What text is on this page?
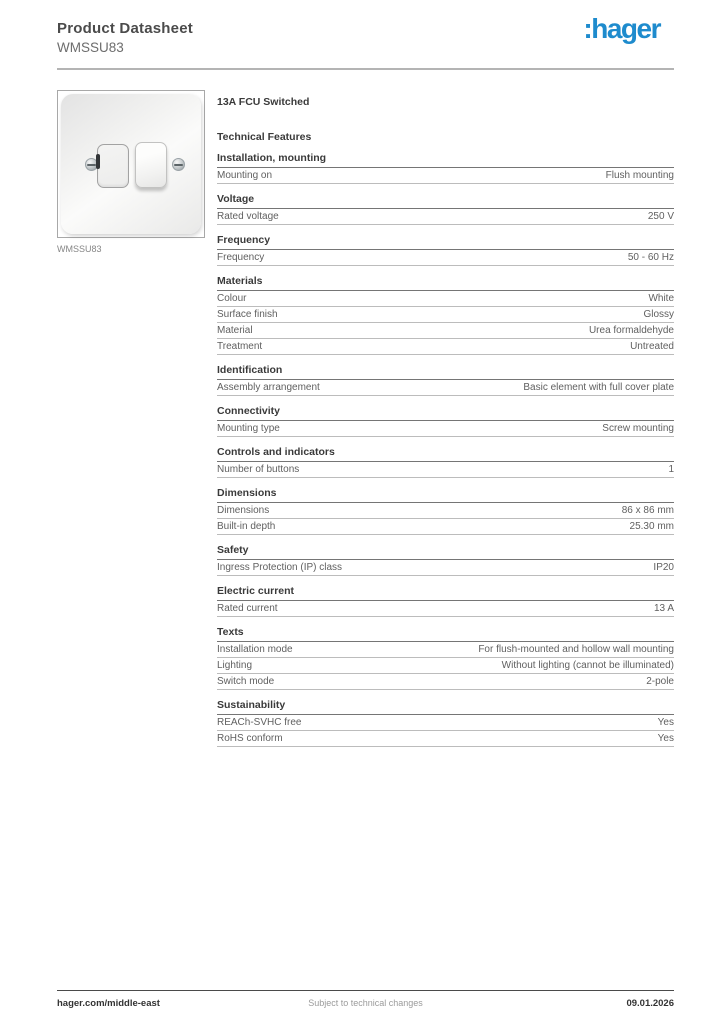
Product Datasheet
WMSSU83
:hager
WMSSU83
13A FCU Switched
Technical Features
Installation, mounting
Mounting on	Flush mounting
Voltage
Rated voltage	250 V
Frequency
Frequency	50 - 60 Hz
Materials
Colour	White
Surface finish	Glossy
Material	Urea formaldehyde
Treatment	Untreated
Identification
Assembly arrangement	Basic element with full cover plate
Connectivity
Mounting type	Screw mounting
Controls and indicators
Number of buttons	1
Dimensions
Dimensions	86 x 86 mm
Built-in depth	25.30 mm
Safety
Ingress Protection (IP) class	IP20
Electric current
Rated current	13 A
Texts
Installation mode	For flush-mounted and hollow wall mounting
Lighting	Without lighting (cannot be illuminated)
Switch mode	2-pole
Sustainability
REACh-SVHC free	Yes
RoHS conform	Yes
hager.com/middle-east	Subject to technical changes	09.01.2026
